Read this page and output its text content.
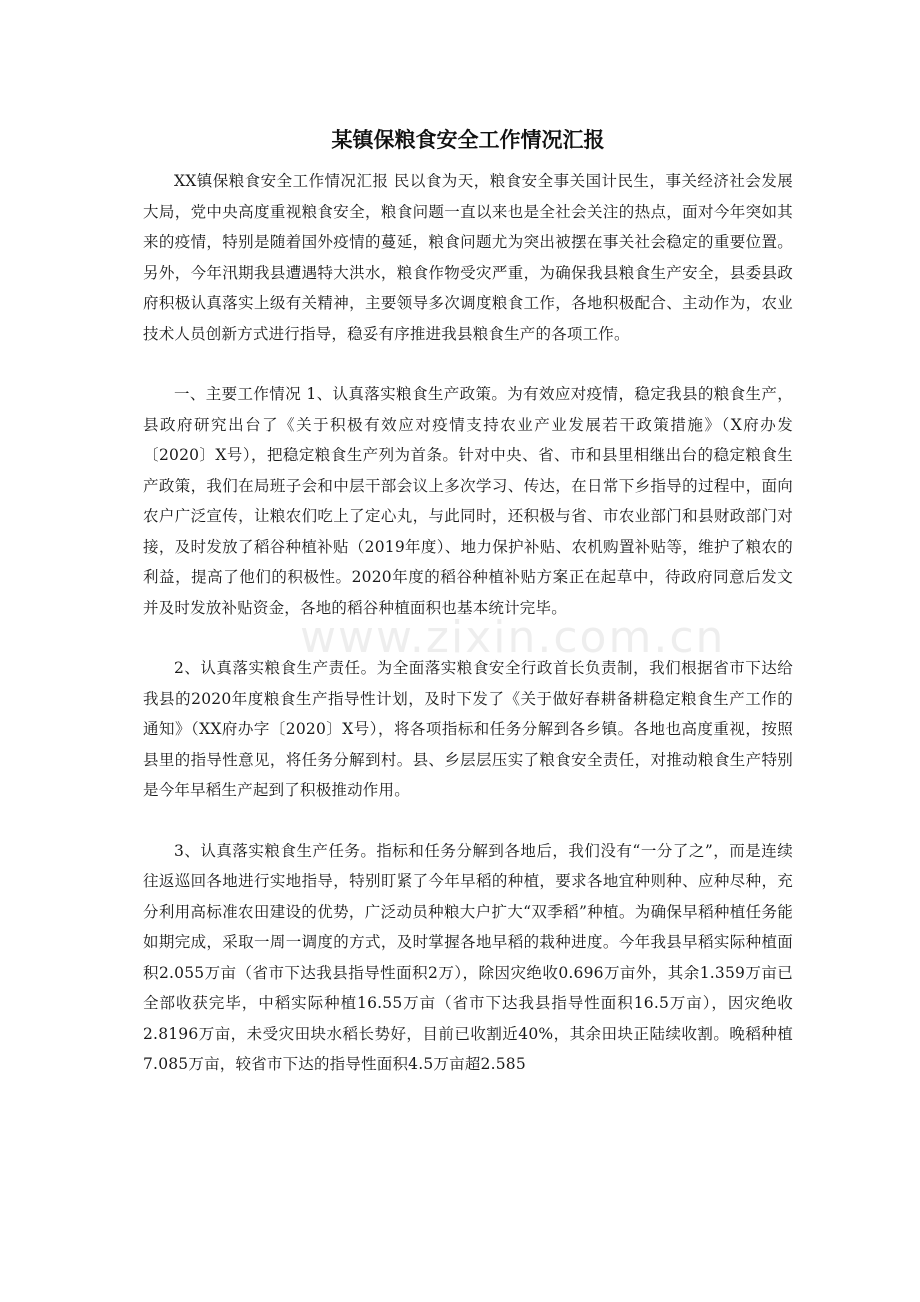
某镇保粮食安全工作情况汇报

XX镇保粮食安全工作情况汇报 民以食为天，粮食安全事关国计民生，事关经济社会发展大局，党中央高度重视粮食安全，粮食问题一直以来也是全社会关注的热点，面对今年突如其来的疫情，特别是随着国外疫情的蔓延，粮食问题尤为突出被摆在事关社会稳定的重要位置。另外，今年汛期我县遭遇特大洪水，粮食作物受灾严重，为确保我县粮食生产安全，县委县政府积极认真落实上级有关精神，主要领导多次调度粮食工作，各地积极配合、主动作为，农业技术人员创新方式进行指导，稳妥有序推进我县粮食生产的各项工作。

一、主要工作情况 1、认真落实粮食生产政策。为有效应对疫情，稳定我县的粮食生产，县政府研究出台了《关于积极有效应对疫情支持农业产业发展若干政策措施》（X府办发〔2020〕X号），把稳定粮食生产列为首条。针对中央、省、市和县里相继出台的稳定粮食生产政策，我们在局班子会和中层干部会议上多次学习、传达，在日常下乡指导的过程中，面向农户广泛宣传，让粮农们吃上了定心丸，与此同时，还积极与省、市农业部门和县财政部门对接，及时发放了稻谷种植补贴（2019年度）、地力保护补贴、农机购置补贴等，维护了粮农的利益，提高了他们的积极性。2020年度的稻谷种植补贴方案正在起草中，待政府同意后发文并及时发放补贴资金，各地的稻谷种植面积也基本统计完毕。

2、认真落实粮食生产责任。为全面落实粮食安全行政首长负责制，我们根据省市下达给我县的2020年度粮食生产指导性计划，及时下发了《关于做好春耕备耕稳定粮食生产工作的通知》（XX府办字〔2020〕X号），将各项指标和任务分解到各乡镇。各地也高度重视，按照县里的指导性意见，将任务分解到村。县、乡层层压实了粮食安全责任，对推动粮食生产特别是今年早稻生产起到了积极推动作用。

3、认真落实粮食生产任务。指标和任务分解到各地后，我们没有“一分了之”，而是连续往返巡回各地进行实地指导，特别盯紧了今年早稻的种植，要求各地宜种则种、应种尽种，充分利用高标准农田建设的优势，广泛动员种粮大户扩大“双季稻”种植。为确保早稻种植任务能如期完成，采取一周一调度的方式，及时掌握各地早稻的栽种进度。今年我县早稻实际种植面积2.055万亩（省市下达我县指导性面积2万），除因灾绝收0.696万亩外，其余1.359万亩已全部收获完毕，中稻实际种植16.55万亩（省市下达我县指导性面积16.5万亩），因灾绝收2.8196万亩，未受灾田块水稻长势好，目前已收割近40%，其余田块正陆续收割。晚稻种植7.085万亩，较省市下达的指导性面积4.5万亩超2.585

www.zixin.com.cn
